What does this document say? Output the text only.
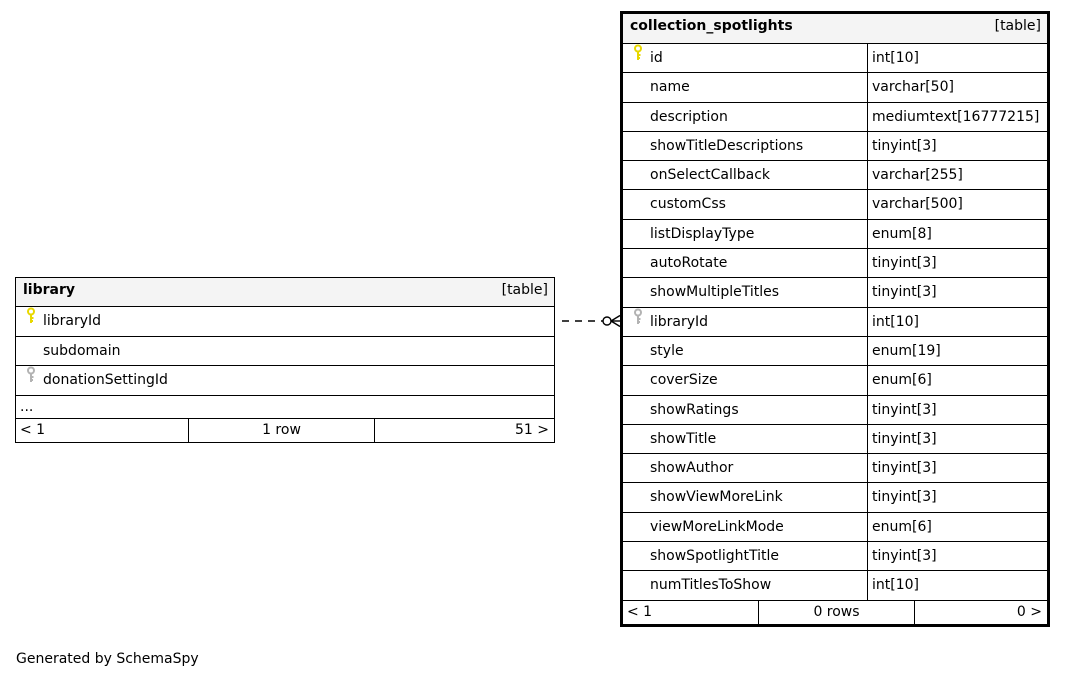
library	[table]
libraryId
subdomain
donationSettingId
...
< 1	1 row	51 >
collection_spotlights	[table]
id	int[10]
name	varchar[50]
description	mediumtext[16777215]
showTitleDescriptions	tinyint[3]
onSelectCallback	varchar[255]
customCss	varchar[500]
listDisplayType	enum[8]
autoRotate	tinyint[3]
showMultipleTitles	tinyint[3]
libraryId	int[10]
style	enum[19]
coverSize	enum[6]
showRatings	tinyint[3]
showTitle	tinyint[3]
showAuthor	tinyint[3]
showViewMoreLink	tinyint[3]
viewMoreLinkMode	enum[6]
showSpotlightTitle	tinyint[3]
numTitlesToShow	int[10]
< 1	0 rows	0 >
Generated by SchemaSpy
